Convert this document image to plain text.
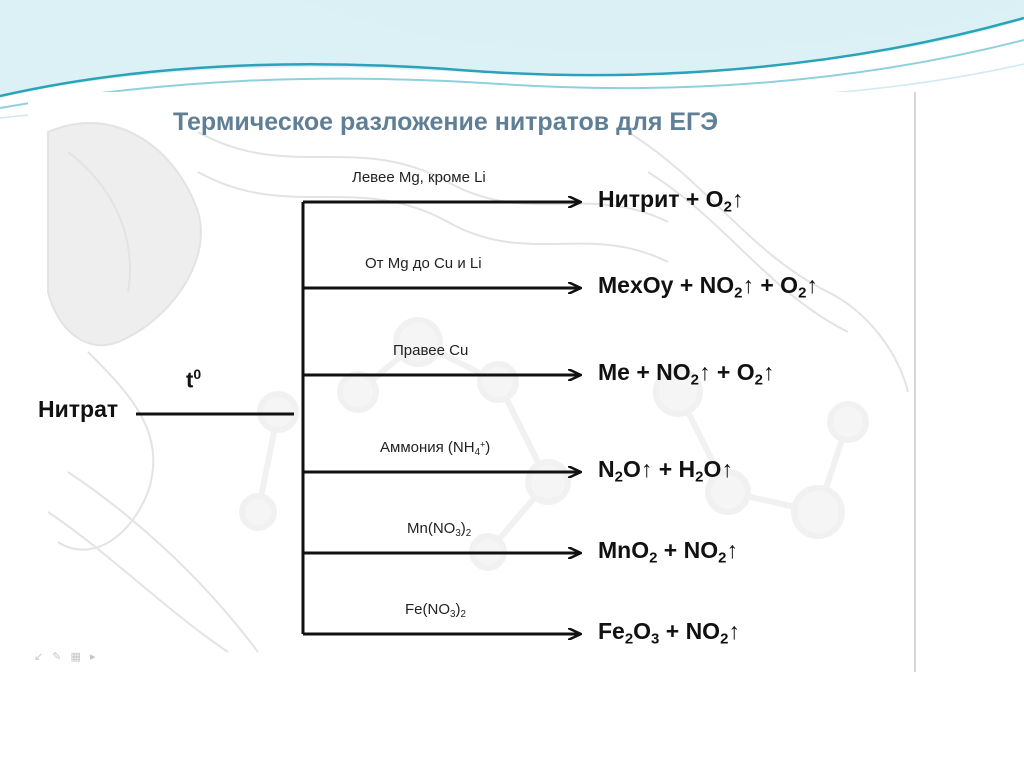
Термическое разложение нитратов для ЕГЭ
Нитрат
$t^0$
Левее Mg, кроме Li
Нитрит + $O_2↑$
От Mg до Cu и Li
MexOy + $NO_2↑$ + $O_2↑$
Правее Cu
$Me + NO_2↑$ + $O_2↑$
Аммония $(NH_4^+)$
$N_2O↑$ + $H_2O↑$
$Mn(NO_3)_2$
$MnO_2 + NO_2↑$
$Fe(NO_3)_2$
$Fe_2O_3$ + $NO_2↑$
↙ ✎ ▦ ▸
